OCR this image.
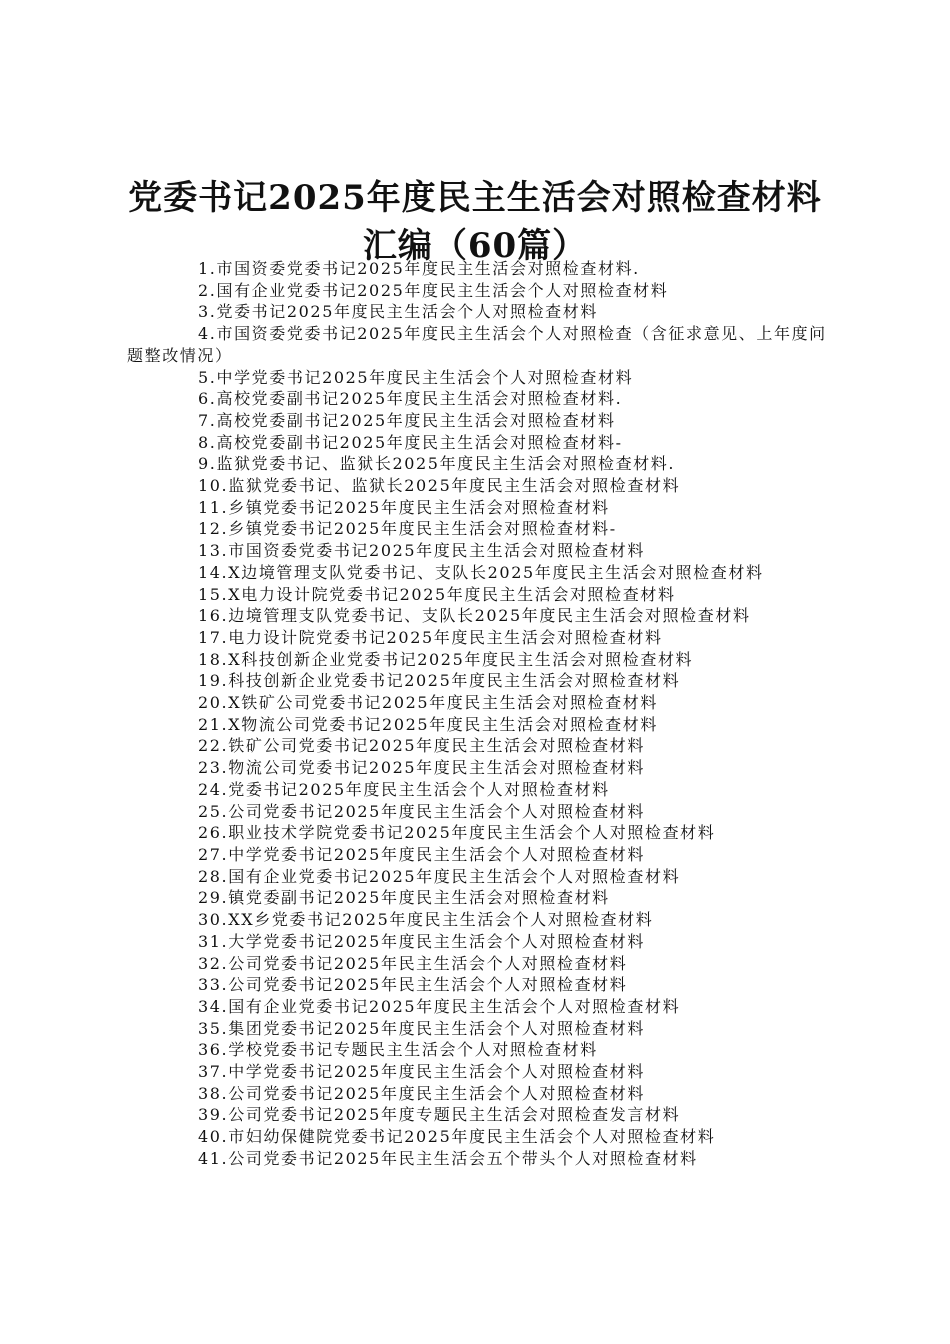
党委书记2025年度民主生活会对照检查材料
汇编（60篇）
1.市国资委党委书记2025年度民主生活会对照检查材料.
2.国有企业党委书记2025年度民主生活会个人对照检查材料
3.党委书记2025年度民主生活会个人对照检查材料
4.市国资委党委书记2025年度民主生活会个人对照检查（含征求意见、上年度问题整改情况）
5.中学党委书记2025年度民主生活会个人对照检查材料
6.高校党委副书记2025年度民主生活会对照检查材料.
7.高校党委副书记2025年度民主生活会对照检查材料
8.高校党委副书记2025年度民主生活会对照检查材料-
9.监狱党委书记、监狱长2025年度民主生活会对照检查材料.
10.监狱党委书记、监狱长2025年度民主生活会对照检查材料
11.乡镇党委书记2025年度民主生活会对照检查材料
12.乡镇党委书记2025年度民主生活会对照检查材料-
13.市国资委党委书记2025年度民主生活会对照检查材料
14.X边境管理支队党委书记、支队长2025年度民主生活会对照检查材料
15.X电力设计院党委书记2025年度民主生活会对照检查材料
16.边境管理支队党委书记、支队长2025年度民主生活会对照检查材料
17.电力设计院党委书记2025年度民主生活会对照检查材料
18.X科技创新企业党委书记2025年度民主生活会对照检查材料
19.科技创新企业党委书记2025年度民主生活会对照检查材料
20.X铁矿公司党委书记2025年度民主生活会对照检查材料
21.X物流公司党委书记2025年度民主生活会对照检查材料
22.铁矿公司党委书记2025年度民主生活会对照检查材料
23.物流公司党委书记2025年度民主生活会对照检查材料
24.党委书记2025年度民主生活会个人对照检查材料
25.公司党委书记2025年度民主生活会个人对照检查材料
26.职业技术学院党委书记2025年度民主生活会个人对照检查材料
27.中学党委书记2025年度民主生活会个人对照检查材料
28.国有企业党委书记2025年度民主生活会个人对照检查材料
29.镇党委副书记2025年度民主生活会对照检查材料
30.XX乡党委书记2025年度民主生活会个人对照检查材料
31.大学党委书记2025年度民主生活会个人对照检查材料
32.公司党委书记2025年民主生活会个人对照检查材料
33.公司党委书记2025年民主生活会个人对照检查材料
34.国有企业党委书记2025年度民主生活会个人对照检查材料
35.集团党委书记2025年度民主生活会个人对照检查材料
36.学校党委书记专题民主生活会个人对照检查材料
37.中学党委书记2025年度民主生活会个人对照检查材料
38.公司党委书记2025年度民主生活会个人对照检查材料
39.公司党委书记2025年度专题民主生活会对照检查发言材料
40.市妇幼保健院党委书记2025年度民主生活会个人对照检查材料
41.公司党委书记2025年民主生活会五个带头个人对照检查材料
